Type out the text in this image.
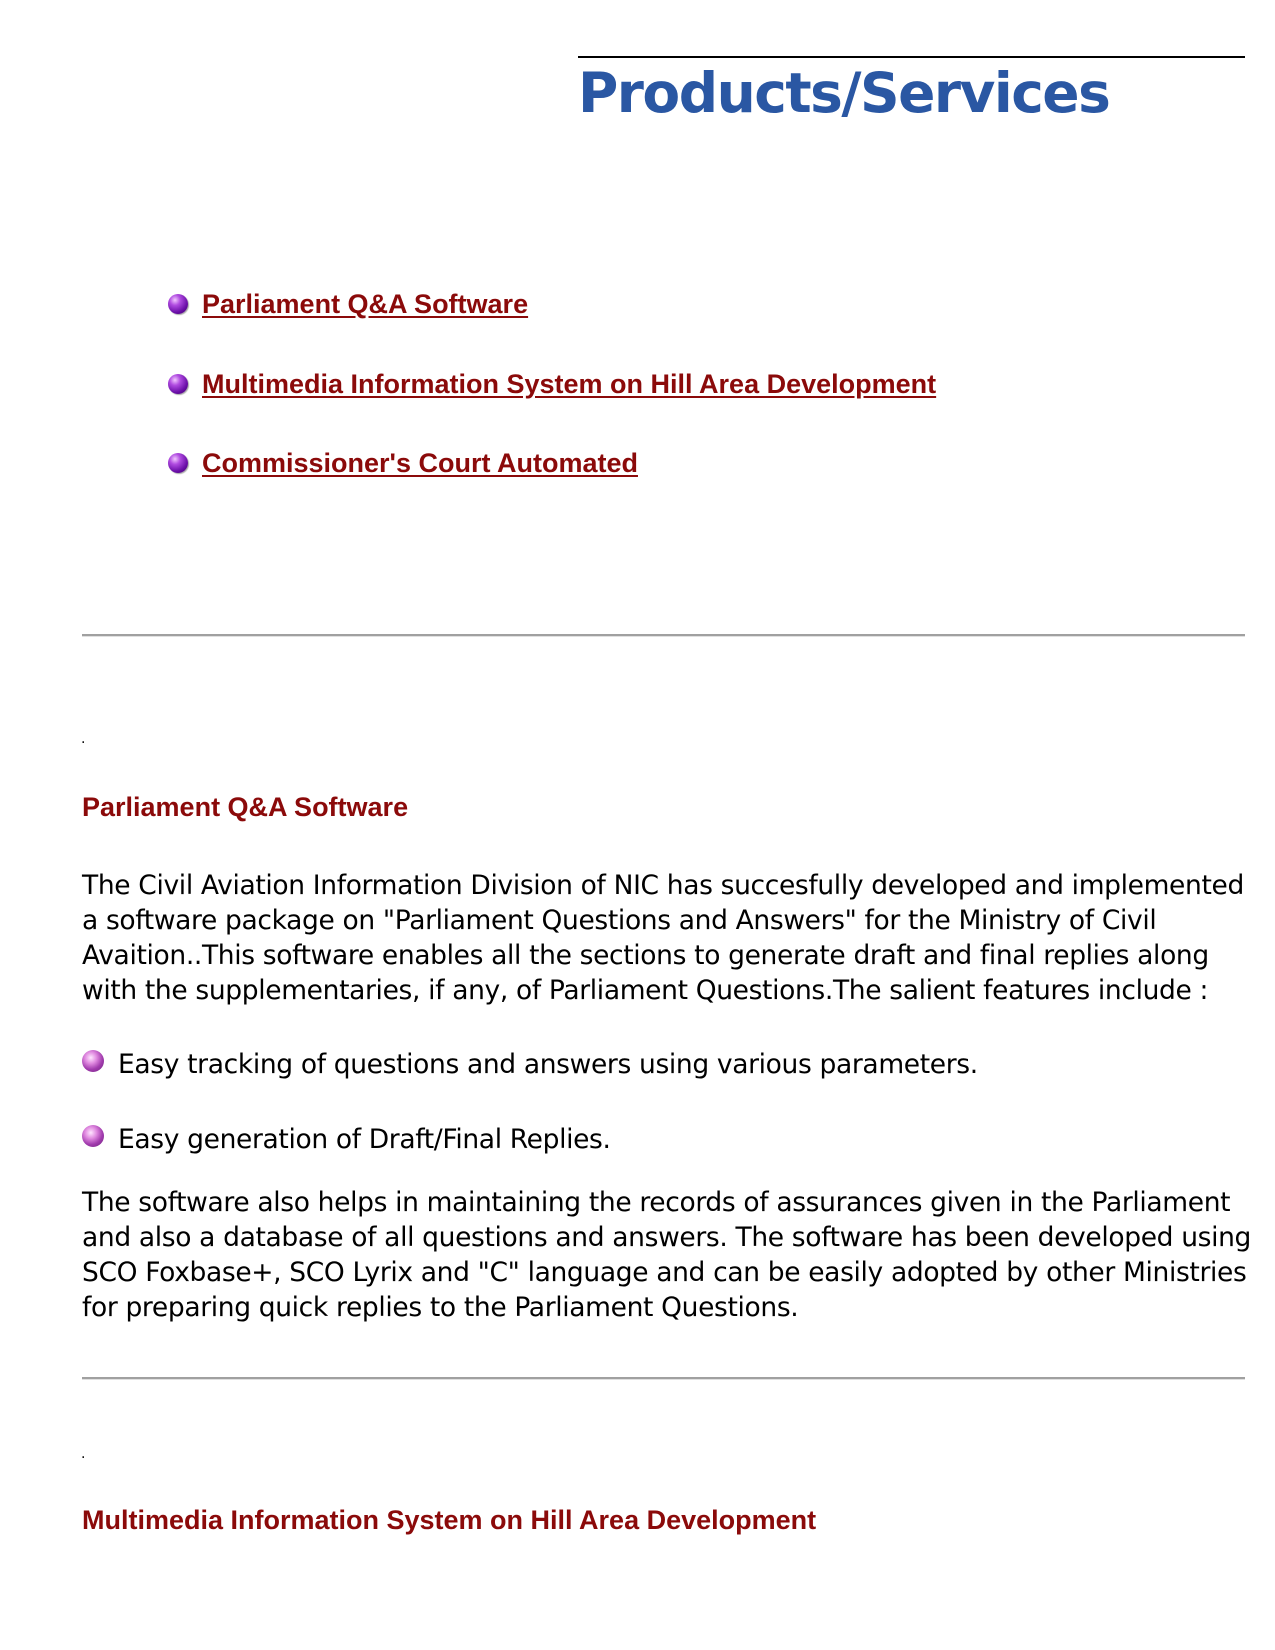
Products/Services
Parliament Q&A Software
Multimedia Information System on Hill Area Development
Commissioner's Court Automated
.
Parliament Q&A Software

The Civil Aviation Information Division of NIC has succesfully developed and implemented a software package on "Parliament Questions and Answers" for the Ministry of Civil Avaition..This software enables all the sections to generate draft and final replies along with the supplementaries, if any, of Parliament Questions.The salient features include :

Easy tracking of questions and answers using various parameters.
Easy generation of Draft/Final Replies.

The software also helps in maintaining the records of assurances given in the Parliament and also a database of all questions and answers. The software has been developed using SCO Foxbase+, SCO Lyrix and "C" language and can be easily adopted by other Ministries for preparing quick replies to the Parliament Questions.

.
Multimedia Information System on Hill Area Development
